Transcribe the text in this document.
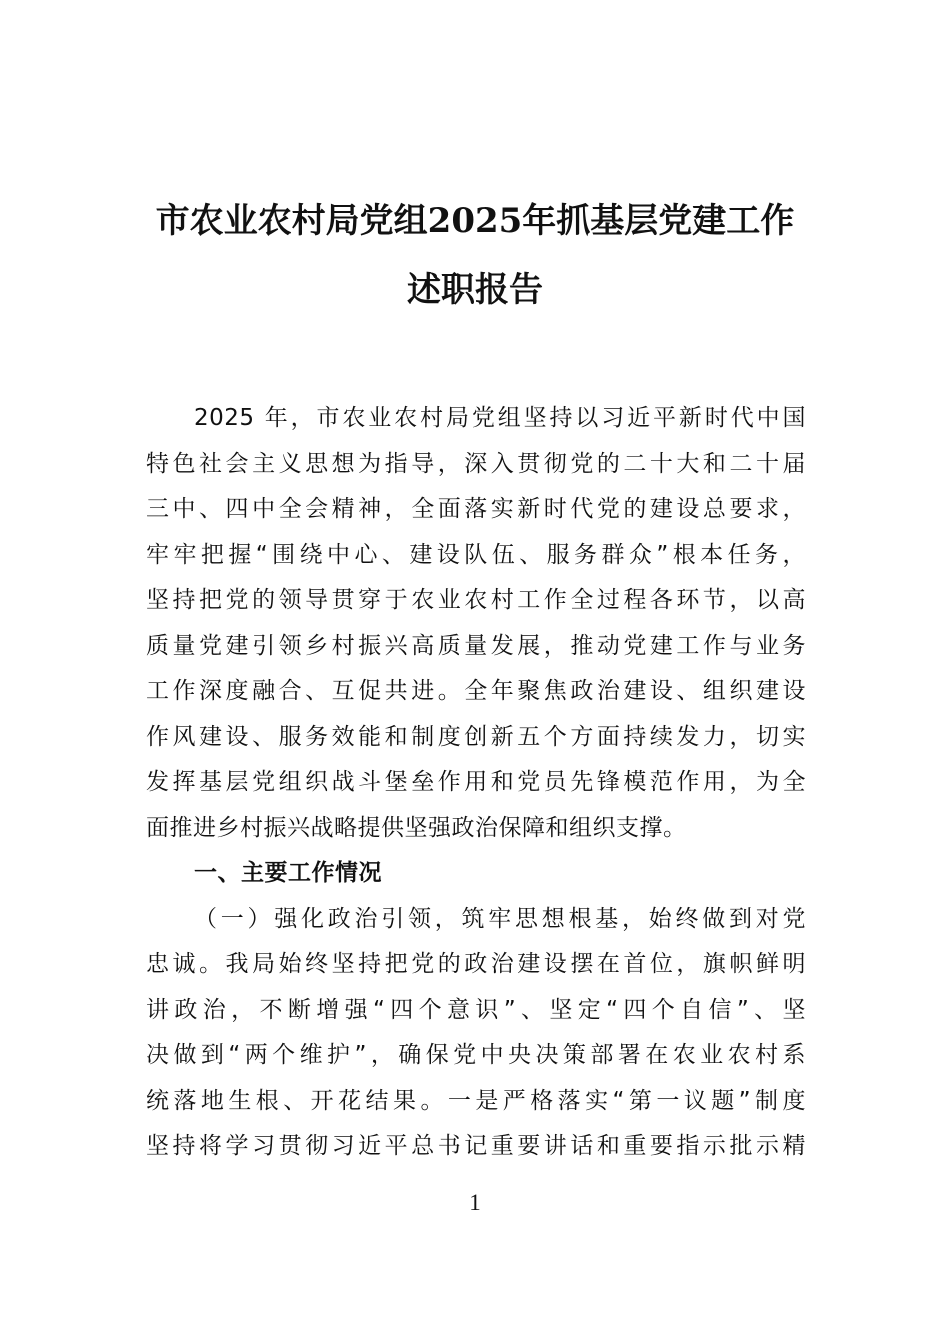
市农业农村局党组2025年抓基层党建工作
述职报告
2025 年，市农业农村局党组坚持以习近平新时代中国
特色社会主义思想为指导，深入贯彻党的二十大和二十届
三中、四中全会精神，全面落实新时代党的建设总要求，
牢牢把握“围绕中心、建设队伍、服务群众”根本任务，
坚持把党的领导贯穿于农业农村工作全过程各环节，以高
质量党建引领乡村振兴高质量发展，推动党建工作与业务
工作深度融合、互促共进。全年聚焦政治建设、组织建设
作风建设、服务效能和制度创新五个方面持续发力，切实
发挥基层党组织战斗堡垒作用和党员先锋模范作用，为全
面推进乡村振兴战略提供坚强政治保障和组织支撑。
一、主要工作情况
（一）强化政治引领，筑牢思想根基，始终做到对党
忠诚。我局始终坚持把党的政治建设摆在首位，旗帜鲜明
讲政治，不断增强“四个意识”、坚定“四个自信”、坚
决做到“两个维护”，确保党中央决策部署在农业农村系
统落地生根、开花结果。一是严格落实“第一议题”制度
坚持将学习贯彻习近平总书记重要讲话和重要指示批示精
1
